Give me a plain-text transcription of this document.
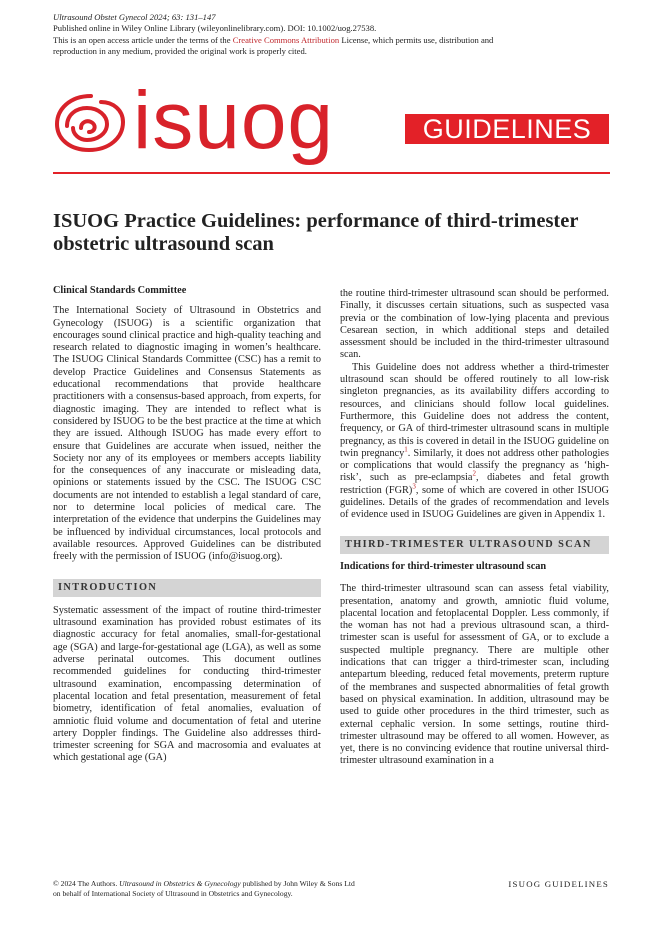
Ultrasound Obstet Gynecol 2024; 63: 131–147
Published online in Wiley Online Library (wileyonlinelibrary.com). DOI: 10.1002/uog.27538.
This is an open access article under the terms of the Creative Commons Attribution License, which permits use, distribution and
reproduction in any medium, provided the original work is properly cited.
isuog	GUIDELINES
ISUOG Practice Guidelines: performance of third-trimester
obstetric ultrasound scan

Clinical Standards Committee

The International Society of Ultrasound in Obstetrics and Gynecology (ISUOG) is a scientific organization that encourages sound clinical practice and high-quality teaching and research related to diagnostic imaging in women’s healthcare. The ISUOG Clinical Standards Committee (CSC) has a remit to develop Practice Guidelines and Consensus Statements as educational recommendations that provide healthcare practitioners with a consensus-based approach, from experts, for diagnostic imaging. They are intended to reflect what is considered by ISUOG to be the best practice at the time at which they are issued. Although ISUOG has made every effort to ensure that Guidelines are accurate when issued, neither the Society nor any of its employees or members accepts liability for the consequences of any inaccurate or misleading data, opinions or statements issued by the CSC. The ISUOG CSC documents are not intended to establish a legal standard of care, nor to determine local policies of medical care. The interpretation of the evidence that underpins the Guidelines may be influenced by individual circumstances, local protocols and available resources. Approved Guidelines can be distributed freely with the permission of ISUOG (info@isuog.org).

INTRODUCTION

Systematic assessment of the impact of routine third-trimester ultrasound examination has provided robust estimates of its diagnostic accuracy for fetal anomalies, small-for-gestational age (SGA) and large-for-gestational age (LGA), as well as some adverse perinatal outcomes. This document outlines recommended guidelines for conducting third-trimester ultrasound examination, encompassing determination of placental location and fetal presentation, measurement of fetal biometry, identification of fetal anomalies, evaluation of amniotic fluid volume and documentation of fetal and uterine artery Doppler findings. The Guideline also addresses third-trimester screening for SGA and macrosomia and evaluates at which gestational age (GA)

the routine third-trimester ultrasound scan should be performed. Finally, it discusses certain situations, such as suspected vasa previa or the combination of low-lying placenta and previous Cesarean section, in which additional steps and detailed assessment should be included in the third-trimester ultrasound scan.

This Guideline does not address whether a third-trimester ultrasound scan should be offered routinely to all low-risk singleton pregnancies, as its availability differs according to resources, and clinicians should follow local guidelines. Furthermore, this Guideline does not address the content, frequency, or GA of third-trimester ultrasound scans in multiple pregnancy, as this is covered in detail in the ISUOG guideline on twin pregnancy$^1$. Similarly, it does not address other pathologies or complications that would classify the pregnancy as ‘high-risk’, such as pre-eclampsia$^2$, diabetes and fetal growth restriction (FGR)$^3$, some of which are covered in other ISUOG guidelines. Details of the grades of recommendation and levels of evidence used in ISUOG Guidelines are given in Appendix 1.

THIRD-TRIMESTER ULTRASOUND SCAN

Indications for third-trimester ultrasound scan

The third-trimester ultrasound scan can assess fetal viability, presentation, anatomy and growth, amniotic fluid volume, placental location and fetoplacental Doppler. Less commonly, if the woman has not had a previous ultrasound scan, a third-trimester scan is useful for assessment of GA, or to exclude a suspected multiple pregnancy. There are multiple other indications that can trigger a third-trimester scan, including antepartum bleeding, reduced fetal movements, preterm rupture of the membranes and suspected abnormalities of fetal growth based on physical examination. In addition, ultrasound may be used to guide other procedures in the third trimester, such as external cephalic version. In some settings, routine third-trimester ultrasound may be offered to all women. However, as yet, there is no convincing evidence that routine universal third-trimester ultrasound examination in a

© 2024 The Authors. Ultrasound in Obstetrics & Gynecology published by John Wiley & Sons Ltd
on behalf of International Society of Ultrasound in Obstetrics and Gynecology.
ISUOG GUIDELINES
